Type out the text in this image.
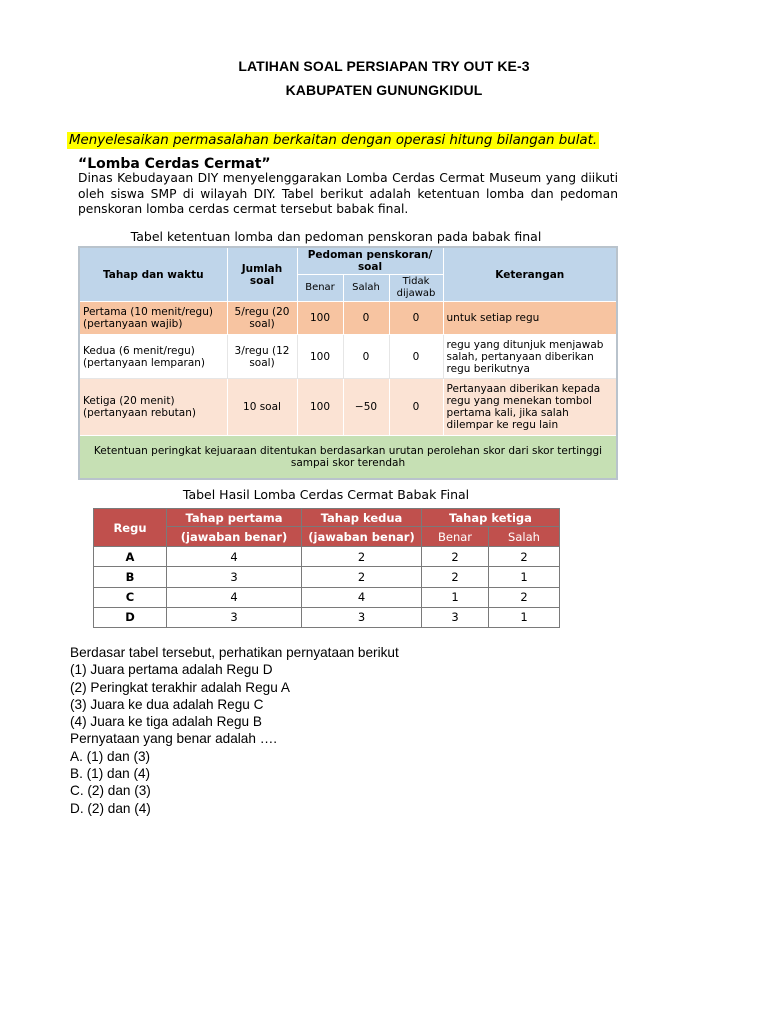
LATIHAN SOAL PERSIAPAN TRY OUT KE-3
KABUPATEN GUNUNGKIDUL
Menyelesaikan permasalahan berkaitan dengan operasi hitung bilangan bulat.
“Lomba Cerdas Cermat”
Dinas Kebudayaan DIY menyelenggarakan Lomba Cerdas Cermat Museum yang diikuti oleh siswa SMP di wilayah DIY. Tabel berikut adalah ketentuan lomba dan pedoman penskoran lomba cerdas cermat tersebut babak final.
Tabel ketentuan lomba dan pedoman penskoran pada babak final
Tahap dan waktu	Jumlah soal	Pedoman penskoran/ soal			Keterangan
		Benar	Salah	Tidak dijawab	
Pertama (10 menit/regu) (pertanyaan wajib)	5/regu (20 soal)	100	0	0	untuk setiap regu
Kedua (6 menit/regu) (pertanyaan lemparan)	3/regu (12 soal)	100	0	0	regu yang ditunjuk menjawab salah, pertanyaan diberikan regu berikutnya
Ketiga (20 menit) (pertanyaan rebutan)	10 soal	100	−50	0	Pertanyaan diberikan kepada regu yang menekan tombol pertama kali, jika salah dilempar ke regu lain
Ketentuan peringkat kejuaraan ditentukan berdasarkan urutan perolehan skor dari skor tertinggi sampai skor terendah					
Tabel Hasil Lomba Cerdas Cermat Babak Final
Regu	Tahap pertama	Tahap kedua	Tahap ketiga	
	(jawaban benar)	(jawaban benar)	Benar	Salah
A	4	2	2	2
B	3	2	2	1
C	4	4	1	2
D	3	3	3	1
Berdasar tabel tersebut, perhatikan pernyataan berikut
(1) Juara pertama adalah Regu D
(2) Peringkat terakhir adalah Regu A
(3) Juara ke dua adalah Regu C
(4) Juara ke tiga adalah Regu B
Pernyataan yang benar adalah ….
A. (1) dan (3)
B. (1) dan (4)
C. (2) dan (3)
D. (2) dan (4)
